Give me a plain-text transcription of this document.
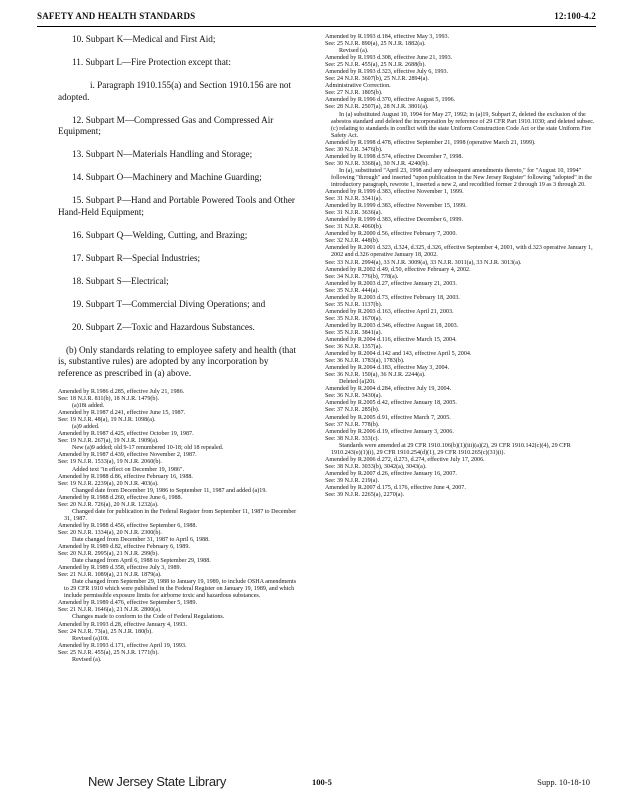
SAFETY AND HEALTH STANDARDS	12:100-4.2
10. Subpart K—Medical and First Aid;
11. Subpart L—Fire Protection except that:
i. Paragraph 1910.155(a) and Section 1910.156 are not adopted.
12. Subpart M—Compressed Gas and Compressed Air Equipment;
13. Subpart N—Materials Handling and Storage;
14. Subpart O—Machinery and Machine Guarding;
15. Subpart P—Hand and Portable Powered Tools and Other Hand-Held Equipment;
16. Subpart Q—Welding, Cutting, and Brazing;
17. Subpart R—Special Industries;
18. Subpart S—Electrical;
19. Subpart T—Commercial Diving Operations; and
20. Subpart Z—Toxic and Hazardous Substances.
(b) Only standards relating to employee safety and health (that is, substantive rules) are adopted by any incorporation by reference as prescribed in (a) above.

Amended by R.1986 d.285, effective July 21, 1986.

See: 18 N.J.R. 811(b), 18 N.J.R. 1479(b).

(a)18i added.

Amended by R.1987 d.241, effective June 15, 1987.

See: 19 N.J.R. 48(a), 19 N.J.R. 1098(a).

(a)9 added.

Amended by R.1987 d.425, effective October 19, 1987.

See: 19 N.J.R. 267(a), 19 N.J.R. 1909(a).

New (a)9 added; old 9-17 renumbered 10-18; old 18 repealed.

Amended by R.1987 d.439, effective November 2, 1987.

See: 19 N.J.R. 1533(a), 19 N.J.R. 2060(b).

Added text "in effect on December 19, 1986".

Amended by R.1988 d.86, effective February 16, 1988.

See: 19 N.J.R. 2239(a), 20 N.J.R. 403(a).

Changed date from December 19, 1986 to September 11, 1987 and added (a)19.

Amended by R.1988 d.260, effective June 6, 1988.

See: 20 N.J.R. 726(a), 20 N.J.R. 1232(a).

Changed date for publication in the Federal Register from September 11, 1987 to December 31, 1987.

Amended by R.1988 d.456, effective September 6, 1988.

See: 20 N.J.R. 1334(a), 20 N.J.R. 2300(b).

Date changed from December 31, 1987 to April 6, 1988.

Amended by R.1989 d.82, effective February 6, 1989.

See: 20 N.J.R. 2995(a), 21 N.J.R. 299(b).

Date changed from April 6, 1988 to September 29, 1988.

Amended by R.1989 d.358, effective July 3, 1989.

See: 21 N.J.R. 1089(a), 21 N.J.R. 1879(a).

Date changed from September 29, 1988 to January 19, 1989, to include OSHA amendments to 29 CFR 1910 which were published in the Federal Register on January 19, 1989, and which include permissible exposure limits for airborne toxic and hazardous substances.

Amended by R.1989 d.476, effective September 5, 1989.

See: 21 N.J.R. 1646(a), 21 N.J.R. 2800(a).

Changes made to conform to the Code of Federal Regulations.

Amended by R.1993 d.28, effective January 4, 1993.

See: 24 N.J.R. 73(a), 25 N.J.R. 180(b).

Revised (a)10i.

Amended by R.1993 d.171, effective April 19, 1993.

See: 25 N.J.R. 455(a), 25 N.J.R. 1771(b).

Revised (a).

Amended by R.1993 d.184, effective May 3, 1993.

See: 25 N.J.R. 890(a), 25 N.J.R. 1882(a).

Revised (a).

Amended by R.1993 d.308, effective June 21, 1993.

See: 25 N.J.R. 455(a), 25 N.J.R. 2688(b).

Amended by R.1993 d.323, effective July 6, 1993.

See: 24 N.J.R. 3607(b), 25 N.J.R. 2894(a).

Administrative Correction.

See: 27 N.J.R. 1805(b).

Amended by R.1996 d.370, effective August 5, 1996.

See: 28 N.J.R. 2507(a), 28 N.J.R. 3801(a).

In (a) substituted August 10, 1994 for May 27, 1992; in (a)19, Subpart Z, deleted the exclusion of the asbestos standard and deleted the incorporation by reference of 29 CFR Part 1910.1030; and deleted subsec. (c) relating to standards in conflict with the state Uniform Construction Code Act or the state Uniform Fire Safety Act.

Amended by R.1998 d.478, effective September 21, 1998 (operative March 21, 1999).

See: 30 N.J.R. 3476(b).

Amended by R.1998 d.574, effective December 7, 1998.

See: 30 N.J.R. 3368(a), 30 N.J.R. 4240(b).

In (a), substituted "April 23, 1998 and any subsequent amendments thereto," for "August 10, 1994" following "through" and inserted "upon publication in the New Jersey Register" following "adopted" in the introductory paragraph, rewrote 1, inserted a new 2, and recodified former 2 through 19 as 3 through 20.

Amended by R.1999 d.383, effective November 1, 1999.

See: 31 N.J.R. 3341(a).

Amended by R.1999 d.383, effective November 15, 1999.

See: 31 N.J.R. 3636(a).

Amended by R.1999 d.383, effective December 6, 1999.

See: 31 N.J.R. 4060(b).

Amended by R.2000 d.56, effective February 7, 2000.

See: 32 N.J.R. 448(b).

Amended by R.2001 d.323, d.324, d.325, d.326, effective September 4, 2001, with d.323 operative January 1, 2002 and d.326 operative January 18, 2002.

See: 33 N.J.R. 2994(a), 33 N.J.R. 3009(a), 33 N.J.R. 3011(a), 33 N.J.R. 3013(a).

Amended by R.2002 d.49, d.50, effective February 4, 2002.

See: 34 N.J.R. 776(b), 778(a).

Amended by R.2003 d.27, effective January 21, 2003.

See: 35 N.J.R. 444(a).

Amended by R.2003 d.73, effective February 18, 2003.

See: 35 N.J.R. 1137(b).

Amended by R.2003 d.163, effective April 21, 2003.

See: 35 N.J.R. 1670(a).

Amended by R.2003 d.346, effective August 18, 2003.

See: 35 N.J.R. 3841(a).

Amended by R.2004 d.116, effective March 15, 2004.

See: 36 N.J.R. 1357(a).

Amended by R.2004 d.142 and 143, effective April 5, 2004.

See: 36 N.J.R. 1783(a), 1783(b).

Amended by R.2004 d.183, effective May 3, 2004.

See: 36 N.J.R. 150(a), 36 N.J.R. 2244(a).

Deleted (a)20i.

Amended by R.2004 d.284, effective July 19, 2004.

See: 36 N.J.R. 3430(a).

Amended by R.2005 d.42, effective January 18, 2005.

See: 37 N.J.R. 285(b).

Amended by R.2005 d.91, effective March 7, 2005.

See: 37 N.J.R. 778(b).

Amended by R.2006 d.19, effective January 3, 2006.

See: 38 N.J.R. 333(c).

Standards were amended at 29 CFR 1910.106(b)(1)(iii)(a)(2), 29 CFR 1910.142(c)(4), 29 CFR 1910.243(e)(1)(i), 29 CFR 1910.254(d)(1), 29 CFR 1910.265(c)(31)(i).

Amended by R.2006 d.272, d.273, d.274, effective July 17, 2006.

See: 38 N.J.R. 3033(b), 3042(a), 3043(a).

Amended by R.2007 d.26, effective January 16, 2007.

See: 39 N.J.R. 219(a).

Amended by R.2007 d.175, d.176, effective June 4, 2007.

See: 39 N.J.R. 2265(a), 2270(a).

New Jersey State Library	100-5	Supp. 10-18-10
